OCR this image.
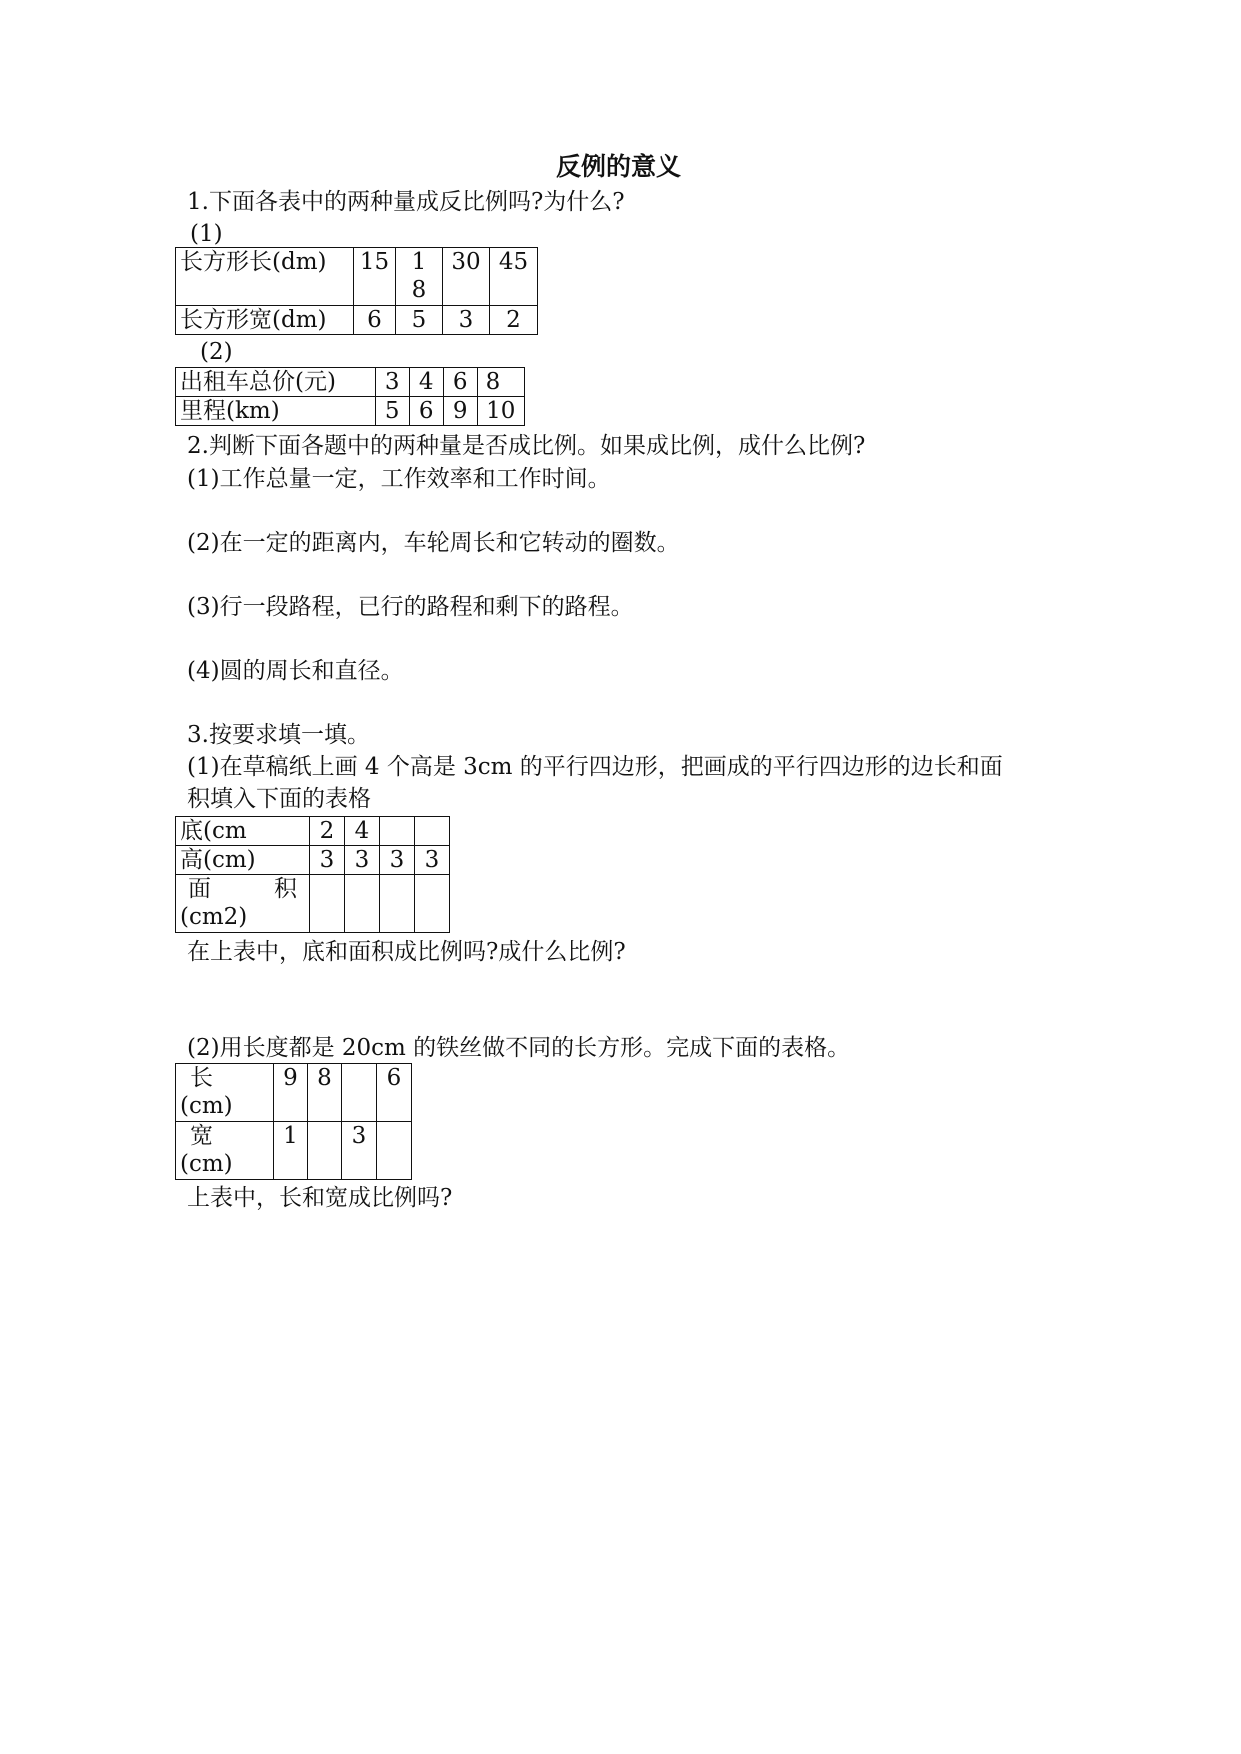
反例的意义

1.下面各表中的两种量成反比例吗?为什么?

(1)

长方形长(dm)	15	18	30	45
长方形宽(dm)	6	5	3	2

(2)

出租车总价(元)	3	4	6	8
里程(km)	5	6	9	10

2.判断下面各题中的两种量是否成比例。如果成比例，成什么比例?

(1)工作总量一定，工作效率和工作时间。

(2)在一定的距离内，车轮周长和它转动的圈数。

(3)行一段路程，已行的路程和剩下的路程。

(4)圆的周长和直径。

3.按要求填一填。

(1)在草稿纸上画 4 个高是 3cm 的平行四边形，把画成的平行四边形的边长和面

积填入下面的表格

底(cm	2	4		
高(cm)	3	3	3	3

面 积
(cm2)				

在上表中，底和面积成比例吗?成什么比例?

(2)用长度都是 20cm 的铁丝做不同的长方形。完成下面的表格。

长
(cm)	9	8		6

宽
(cm)	1		3	

上表中，长和宽成比例吗?
